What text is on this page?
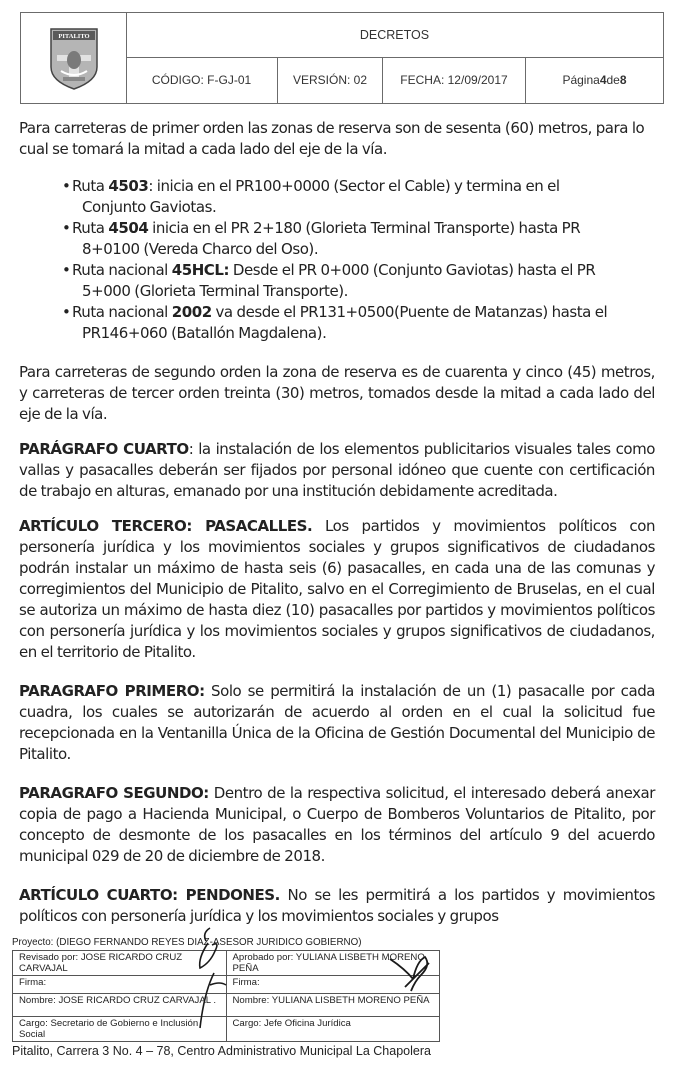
PITALITO	DECRETOS
CÓDIGO: F-GJ-01	VERSIÓN: 02	FECHA: 12/09/2017	Página 4 de 8

Para carreteras de primer orden las zonas de reserva son de sesenta (60) metros, para lo cual se tomará la mitad a cada lado del eje de la vía.

• Ruta 4503: inicia en el PR100+0000 (Sector el Cable) y termina en el
Conjunto Gaviotas.

• Ruta 4504 inicia en el PR 2+180 (Glorieta Terminal Transporte) hasta PR
8+0100 (Vereda Charco del Oso).

• Ruta nacional 45HCL: Desde el PR 0+000 (Conjunto Gaviotas) hasta el PR
5+000 (Glorieta Terminal Transporte).

• Ruta nacional 2002 va desde el PR131+0500(Puente de Matanzas) hasta el
PR146+060 (Batallón Magdalena).

Para carreteras de segundo orden la zona de reserva es de cuarenta y cinco (45) metros, y carreteras de tercer orden treinta (30) metros, tomados desde la mitad a cada lado del eje de la vía.

PARÁGRAFO CUARTO: la instalación de los elementos publicitarios visuales tales como vallas y pasacalles deberán ser fijados por personal idóneo que cuente con certificación de trabajo en alturas, emanado por una institución debidamente acreditada.

ARTÍCULO TERCERO: PASACALLES. Los partidos y movimientos políticos con personería jurídica y los movimientos sociales y grupos significativos de ciudadanos podrán instalar un máximo de hasta seis (6) pasacalles, en cada una de las comunas y corregimientos del Municipio de Pitalito, salvo en el Corregimiento de Bruselas, en el cual se autoriza un máximo de hasta diez (10) pasacalles por partidos y movimientos políticos con personería jurídica y los movimientos sociales y grupos significativos de ciudadanos, en el territorio de Pitalito.

PARAGRAFO PRIMERO: Solo se permitirá la instalación de un (1) pasacalle por cada cuadra, los cuales se autorizarán de acuerdo al orden en el cual la solicitud fue recepcionada en la Ventanilla Única de la Oficina de Gestión Documental del Municipio de Pitalito.

PARAGRAFO SEGUNDO: Dentro de la respectiva solicitud, el interesado deberá anexar copia de pago a Hacienda Municipal, o Cuerpo de Bomberos Voluntarios de Pitalito, por concepto de desmonte de los pasacalles en los términos del artículo 9 del acuerdo municipal 029 de 20 de diciembre de 2018.

ARTÍCULO CUARTO: PENDONES. No se les permitirá a los partidos y movimientos políticos con personería jurídica y los movimientos sociales y grupos

Proyecto: (DIEGO FERNANDO REYES DIAZ-ASESOR JURIDICO GOBIERNO)
Revisado por: JOSE RICARDO CRUZ CARVAJAL	Aprobado por: YULIANA LISBETH MORENO PEÑA
Firma:	Firma:
Nombre: JOSE RICARDO CRUZ CARVAJAL .	Nombre: YULIANA LISBETH MORENO PEÑA
Cargo: Secretario de Gobierno e Inclusión Social	Cargo: Jefe Oficina Jurídica
Pitalito, Carrera 3 No. 4 – 78, Centro Administrativo Municipal La Chapolera
